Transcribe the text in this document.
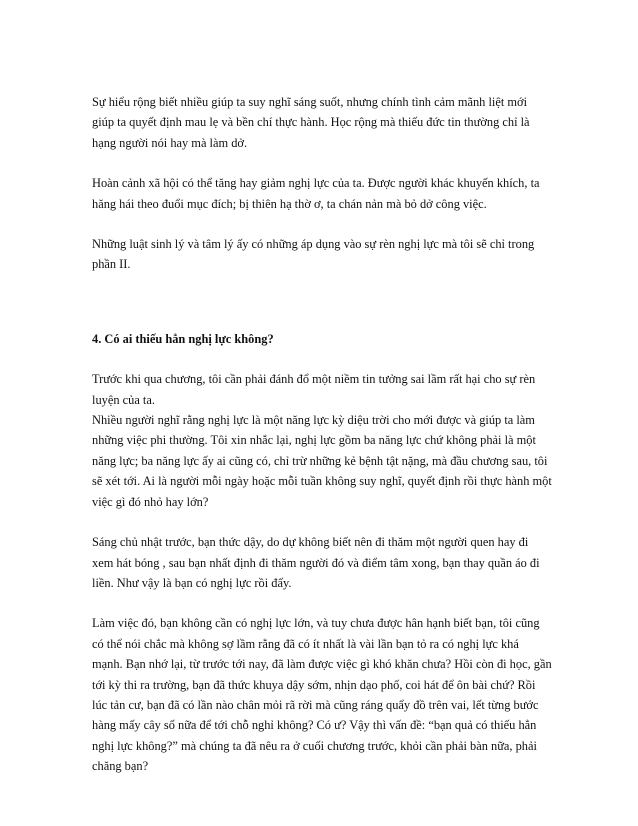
Sự hiểu rộng biết nhiều giúp ta suy nghĩ sáng suốt, nhưng chính tình cảm mãnh liệt mới giúp ta quyết định mau lẹ và bền chí thực hành. Học rộng mà thiếu đức tin thường chỉ là hạng người nói hay mà làm dở.

Hoàn cảnh xã hội có thể tăng hay giảm nghị lực của ta. Được người khác khuyến khích, ta hăng hái theo đuổi mục đích; bị thiên hạ thờ ơ, ta chán nản mà bỏ dở công việc.

Những luật sinh lý và tâm lý ấy có những áp dụng vào sự rèn nghị lực mà tôi sẽ chỉ trong phần II.

4. Có ai thiếu hẳn nghị lực không?

Trước khi qua chương, tôi cần phải đánh đổ một niềm tin tưởng sai lầm rất hại cho sự rèn luyện của ta.

Nhiều người nghĩ rằng nghị lực là một năng lực kỳ diệu trời cho mới được và giúp ta làm những việc phi thường. Tôi xin nhắc lại, nghị lực gồm ba năng lực chứ không phải là một năng lực; ba năng lực ấy ai cũng có, chỉ trừ những kẻ bệnh tật nặng, mà đầu chương sau, tôi sẽ xét tới. Ai là người mỗi ngày hoặc mỗi tuần không suy nghĩ, quyết định rồi thực hành một việc gì đó nhỏ hay lớn?

Sáng chủ nhật trước, bạn thức dậy, do dự không biết nên đi thăm một người quen hay đi xem hát bóng , sau bạn nhất định đi thăm người đó và điểm tâm xong, bạn thay quần áo đi liền. Như vậy là bạn có nghị lực rồi đấy.

Làm việc đó, bạn không cần có nghị lực lớn, và tuy chưa được hân hạnh biết bạn, tôi cũng có thể nói chắc mà không sợ lầm rằng đã có ít nhất là vài lần bạn tỏ ra có nghị lực khá mạnh. Bạn nhớ lại, từ trước tới nay, đã làm được việc gì khó khăn chưa? Hồi còn đi học, gần tới kỳ thi ra trường, bạn đã thức khuya dậy sớm, nhịn dạo phố, coi hát để ôn bài chứ? Rồi lúc tản cư, bạn đã có lần nào chân mỏi rã rời mà cũng ráng quẩy đồ trên vai, lết từng bước hàng mấy cây số nữa để tới chỗ nghỉ không? Có ư? Vậy thì vấn đề: “bạn quả có thiếu hẳn nghị lực không?” mà chúng ta đã nêu ra ở cuối chương trước, khỏi cần phải bàn nữa, phải chăng bạn?
